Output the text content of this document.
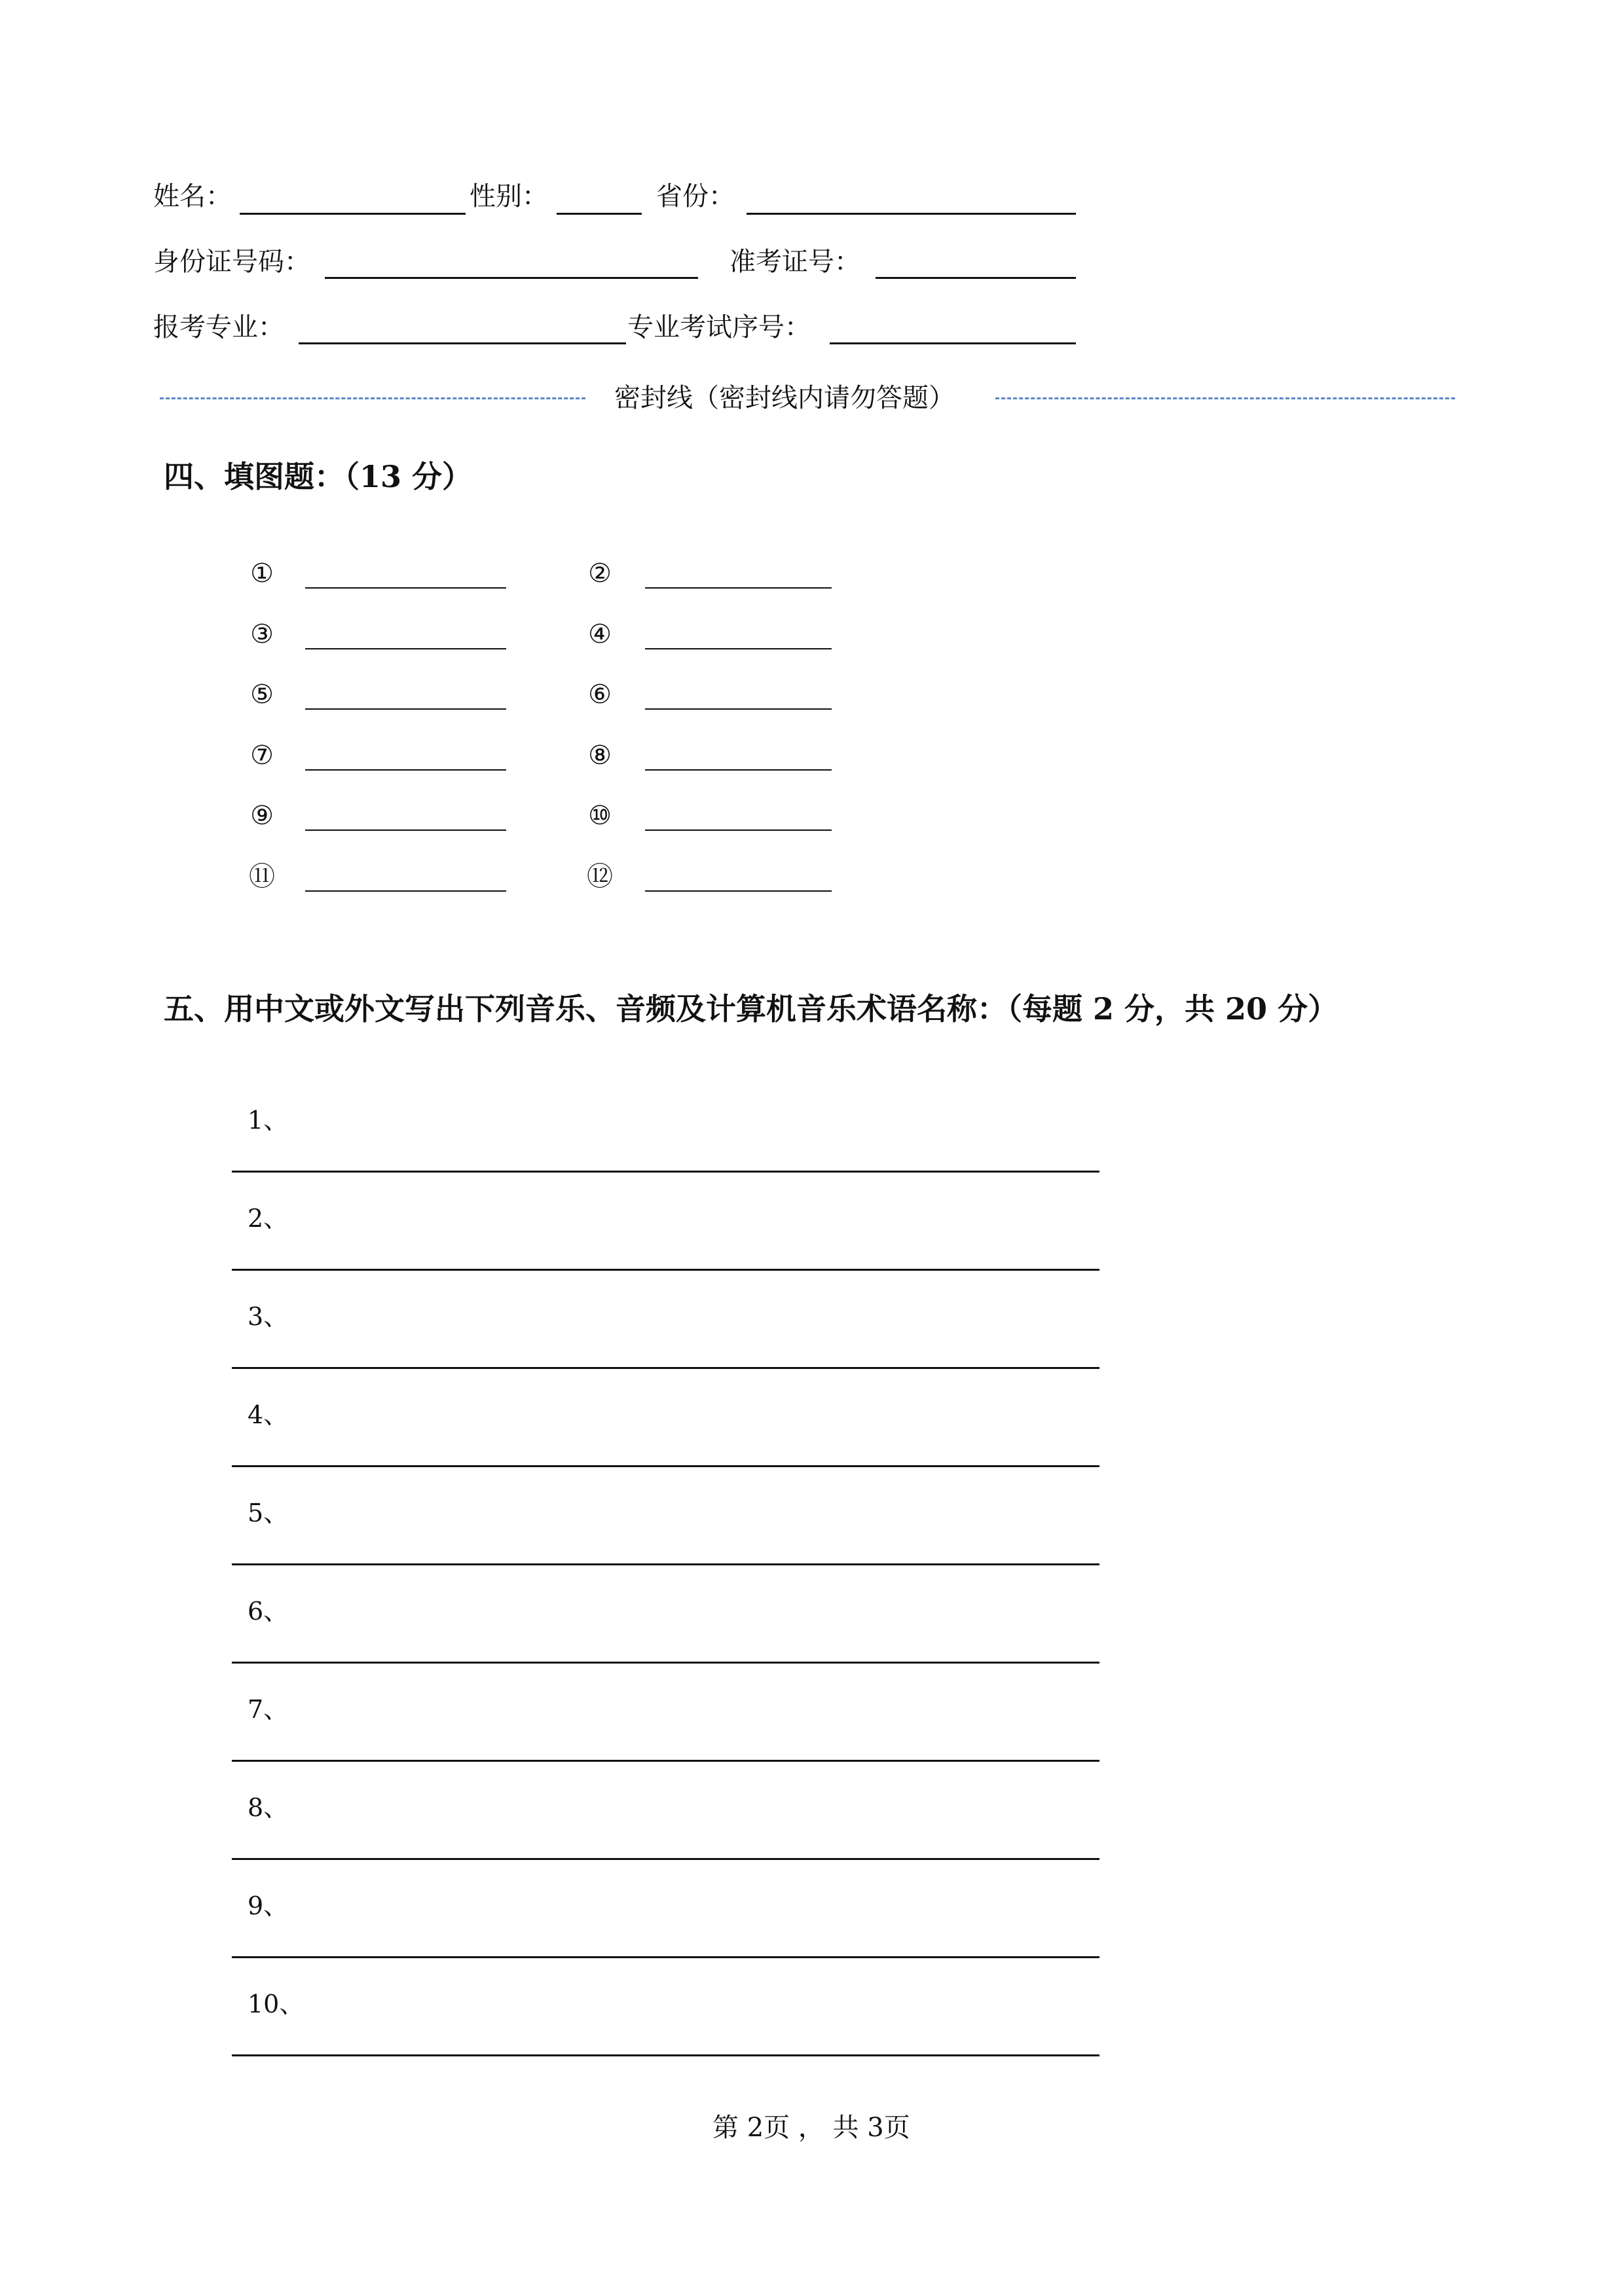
姓名：	性别：	省份：
身份证号码：	准考证号：
报考专业：	专业考试序号：
密封线（密封线内请勿答题）
四、填图题：（13 分）
①	②
③	④
⑤	⑥
⑦	⑧
⑨	⑩
⑪	⑫
五、用中文或外文写出下列音乐、音频及计算机音乐术语名称：（每题 2 分，共 20 分）
1、
2、
3、
4、
5、
6、
7、
8、
9、
10、
第 2页 ， 共 3页
